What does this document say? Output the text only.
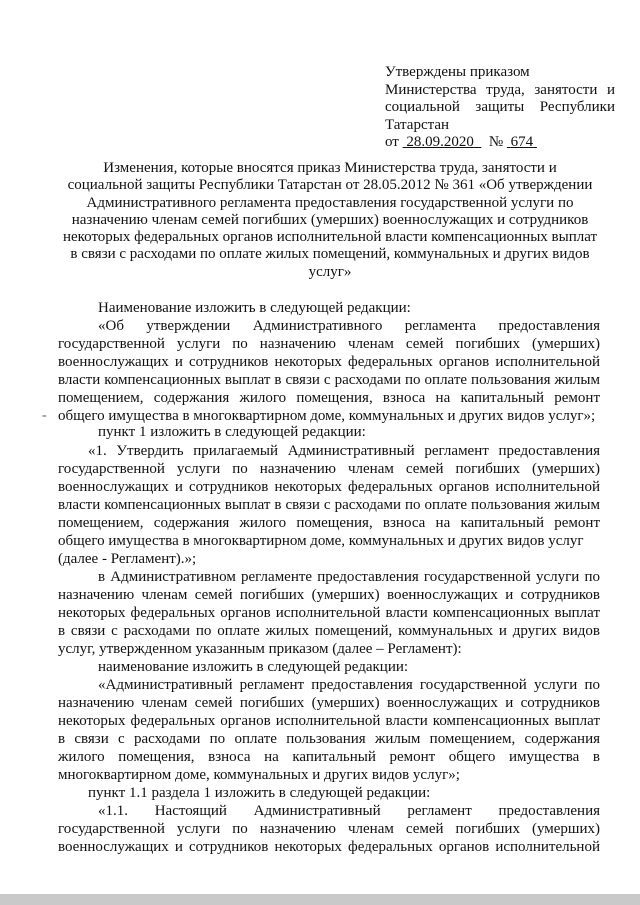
Утверждены приказом
Министерства труда, занятости и
социальной защиты Республики
Татарстан
от 28.09.2020 № 674
Изменения, которые вносятся приказ Министерства труда, занятости и
социальной защиты Республики Татарстан от 28.05.2012 № 361 «Об утверждении
Административного регламента предоставления государственной услуги по
назначению членам семей погибших (умерших) военнослужащих и сотрудников
некоторых федеральных органов исполнительной власти компенсационных выплат
в связи с расходами по оплате жилых помещений, коммунальных и других видов
услуг»
-
Наименование изложить в следующей редакции:
«Об утверждении Административного регламента предоставления
государственной услуги по назначению членам семей погибших (умерших)
военнослужащих и сотрудников некоторых федеральных органов исполнительной
власти компенсационных выплат в связи с расходами по оплате пользования жилым
помещением, содержания жилого помещения, взноса на капитальный ремонт
общего имущества в многоквартирном доме, коммунальных и других видов услуг»;
пункт 1 изложить в следующей редакции:
«1. Утвердить прилагаемый Административный регламент предоставления
государственной услуги по назначению членам семей погибших (умерших)
военнослужащих и сотрудников некоторых федеральных органов исполнительной
власти компенсационных выплат в связи с расходами по оплате пользования жилым
помещением, содержания жилого помещения, взноса на капитальный ремонт
общего имущества в многоквартирном доме, коммунальных и других видов услуг
(далее - Регламент).»;
в Административном регламенте предоставления государственной услуги по
назначению членам семей погибших (умерших) военнослужащих и сотрудников
некоторых федеральных органов исполнительной власти компенсационных выплат
в связи с расходами по оплате жилых помещений, коммунальных и других видов
услуг, утвержденном указанным приказом (далее – Регламент):
наименование изложить в следующей редакции:
«Административный регламент предоставления государственной услуги по
назначению членам семей погибших (умерших) военнослужащих и сотрудников
некоторых федеральных органов исполнительной власти компенсационных выплат
в связи с расходами по оплате пользования жилым помещением, содержания
жилого помещения, взноса на капитальный ремонт общего имущества в
многоквартирном доме, коммунальных и других видов услуг»;
пункт 1.1 раздела 1 изложить в следующей редакции:
«1.1. Настоящий Административный регламент предоставления
государственной услуги по назначению членам семей погибших (умерших)
военнослужащих и сотрудников некоторых федеральных органов исполнительной
